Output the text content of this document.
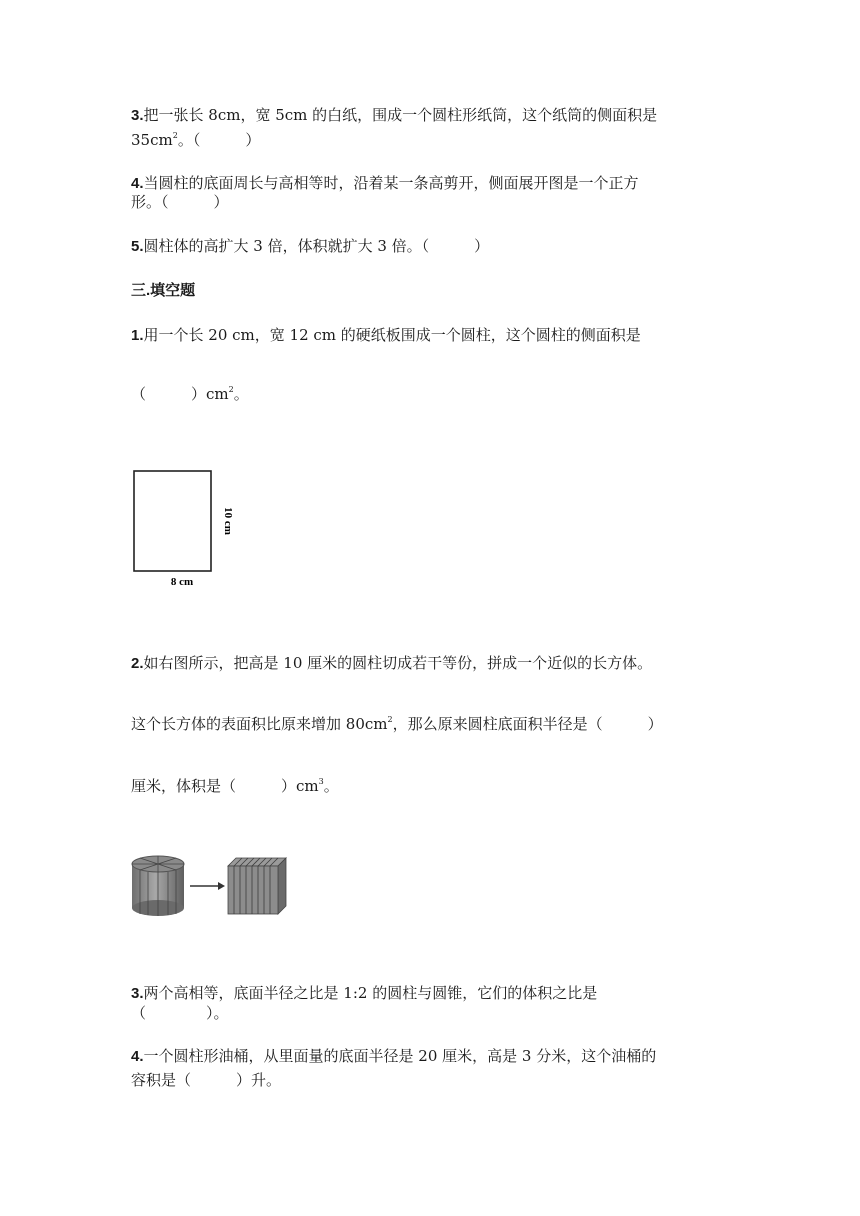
3.把一张长 8cm，宽 5cm 的白纸，围成一个圆柱形纸筒，这个纸筒的侧面积是
$35cm^2$。（　　　）
4.当圆柱的底面周长与高相等时，沿着某一条高剪开，侧面展开图是一个正方
形。（　　　）
5.圆柱体的高扩大 3 倍，体积就扩大 3 倍。（　　　）
三.填空题
1.用一个长 20 cm，宽 12 cm 的硬纸板围成一个圆柱，这个圆柱的侧面积是
（　　　）$cm^2$。
8 cm
10 cm
2.如右图所示，把高是 10 厘米的圆柱切成若干等份，拼成一个近似的长方体。
这个长方体的表面积比原来增加 $80cm^2$，那么原来圆柱底面积半径是（　　　）
厘米，体积是（　　　）$cm^3$。
3.两个高相等，底面半径之比是 1:2 的圆柱与圆锥，它们的体积之比是
（　　　　）。
4.一个圆柱形油桶，从里面量的底面半径是 20 厘米，高是 3 分米，这个油桶的
容积是（　　　）升。
